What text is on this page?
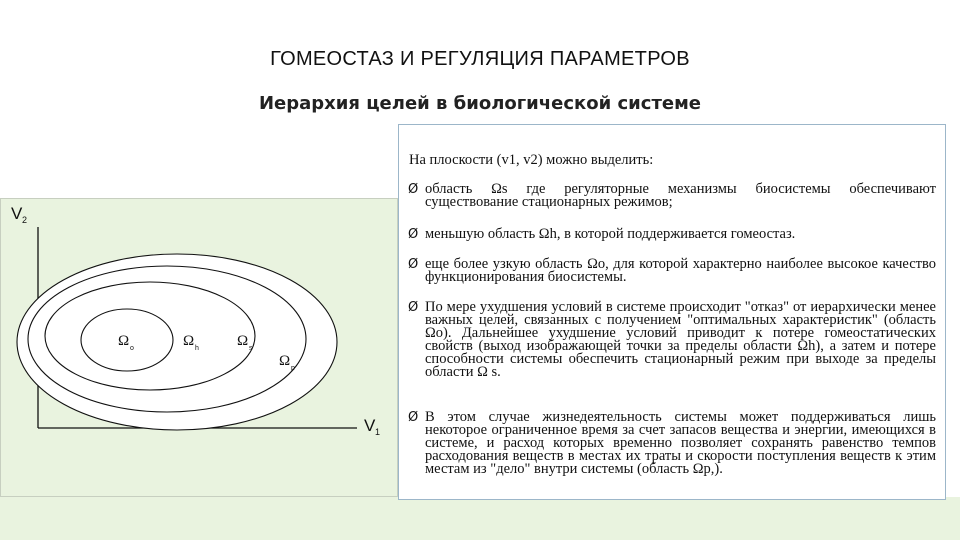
ГОМЕОСТАЗ И РЕГУЛЯЦИЯ ПАРАМЕТРОВ
Иерархия целей в биологической системе
V 2
V 1
Ω o	Ω h	Ω s
Ω p
На плоскости (v1, v2) можно выделить:
Ø область Ωs где регуляторные механизмы биосистемы обеспечивают существование стационарных режимов;
Ø меньшую область Ωh, в которой поддерживается гомеостаз.
Ø еще более узкую область Ωo, для которой характерно наиболее высокое качество функционирования биосистемы.
Ø По мере ухудшения условий в системе происходит "отказ" от иерархически менее важных целей, связанных с получением "оптимальных характеристик" (область Ωo). Дальнейшее ухудшение условий приводит к потере гомеостатических свойств (выход изображающей точки за пределы области Ωh), а затем и потере способности системы обеспечить стационарный режим при выходе за пределы области Ω s.
Ø В этом случае жизнедеятельность системы может поддерживаться лишь некоторое ограниченное время за счет запасов вещества и энергии, имеющихся в системе, и расход которых временно позволяет сохранять равенство темпов расходования веществ в местах их траты и скорости поступления веществ к этим местам из "дело" внутри системы (область Ωp,).
